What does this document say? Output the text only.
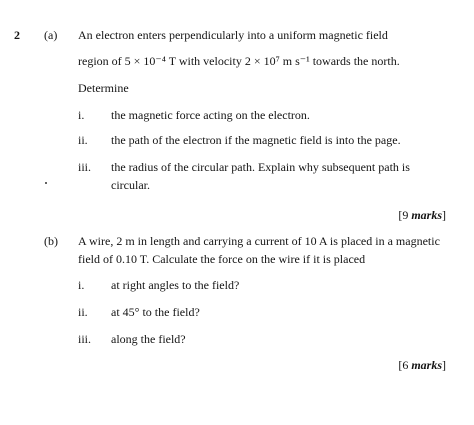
2 (a) An electron enters perpendicularly into a uniform magnetic field
region of 5 × 10⁻⁴ T with velocity 2 × 10⁷ m s⁻¹ towards the north.
Determine
i. the magnetic force acting on the electron.
ii. the path of the electron if the magnetic field is into the page.
iii. the radius of the circular path. Explain why subsequent path is
circular.
[9 marks]
(b) A wire, 2 m in length and carrying a current of 10 A is placed in a magnetic
field of 0.10 T. Calculate the force on the wire if it is placed
i. at right angles to the field?
ii. at 45° to the field?
iii. along the field?
[6 marks]
